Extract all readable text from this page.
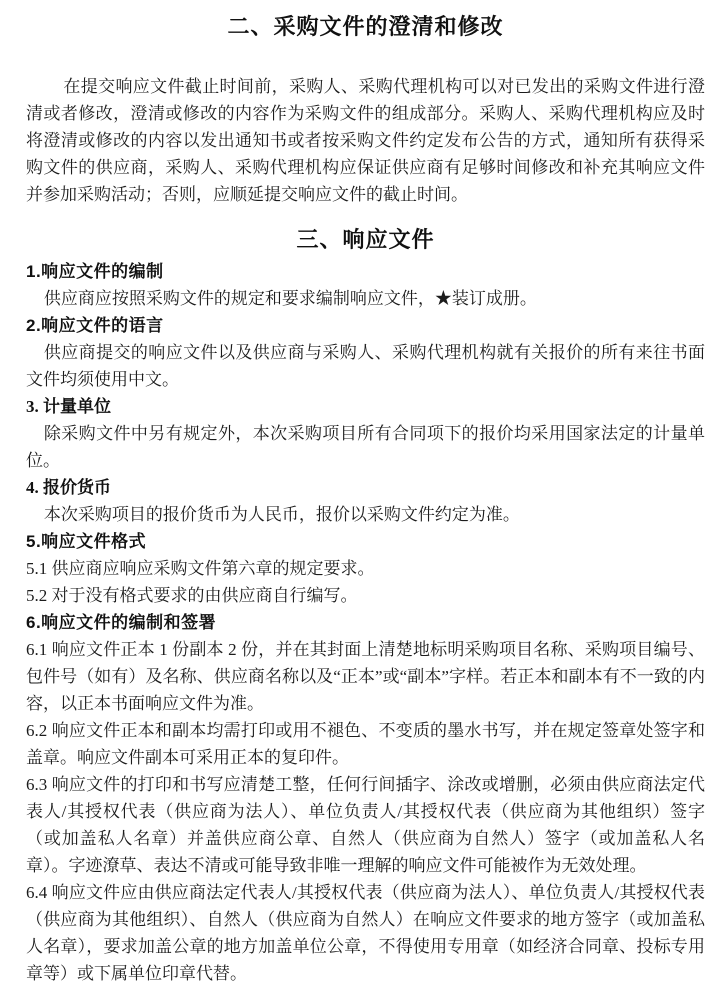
二、采购文件的澄清和修改

在提交响应文件截止时间前，采购人、采购代理机构可以对已发出的采购文件进行澄清或者修改，澄清或修改的内容作为采购文件的组成部分。采购人、采购代理机构应及时将澄清或修改的内容以发出通知书或者按采购文件约定发布公告的方式，通知所有获得采购文件的供应商，采购人、采购代理机构应保证供应商有足够时间修改和补充其响应文件并参加采购活动；否则，应顺延提交响应文件的截止时间。

三、响应文件
1.响应文件的编制

供应商应按照采购文件的规定和要求编制响应文件，★装订成册。

2.响应文件的语言

供应商提交的响应文件以及供应商与采购人、采购代理机构就有关报价的所有来往书面文件均须使用中文。

3. 计量单位

除采购文件中另有规定外，本次采购项目所有合同项下的报价均采用国家法定的计量单位。

4. 报价货币

本次采购项目的报价货币为人民币，报价以采购文件约定为准。

5.响应文件格式

5.1 供应商应响应采购文件第六章的规定要求。

5.2 对于没有格式要求的由供应商自行编写。

6.响应文件的编制和签署

6.1 响应文件正本 1 份副本 2 份，并在其封面上清楚地标明采购项目名称、采购项目编号、包件号（如有）及名称、供应商名称以及“正本”或“副本”字样。若正本和副本有不一致的内容，以正本书面响应文件为准。

6.2 响应文件正本和副本均需打印或用不褪色、不变质的墨水书写，并在规定签章处签字和盖章。响应文件副本可采用正本的复印件。

6.3 响应文件的打印和书写应清楚工整，任何行间插字、涂改或增删，必须由供应商法定代表人/其授权代表（供应商为法人）、单位负责人/其授权代表（供应商为其他组织）签字（或加盖私人名章）并盖供应商公章、自然人（供应商为自然人）签字（或加盖私人名章）。字迹潦草、表达不清或可能导致非唯一理解的响应文件可能被作为无效处理。

6.4 响应文件应由供应商法定代表人/其授权代表（供应商为法人）、单位负责人/其授权代表（供应商为其他组织）、自然人（供应商为自然人）在响应文件要求的地方签字（或加盖私人名章），要求加盖公章的地方加盖单位公章，不得使用专用章（如经济合同章、投标专用章等）或下属单位印章代替。
